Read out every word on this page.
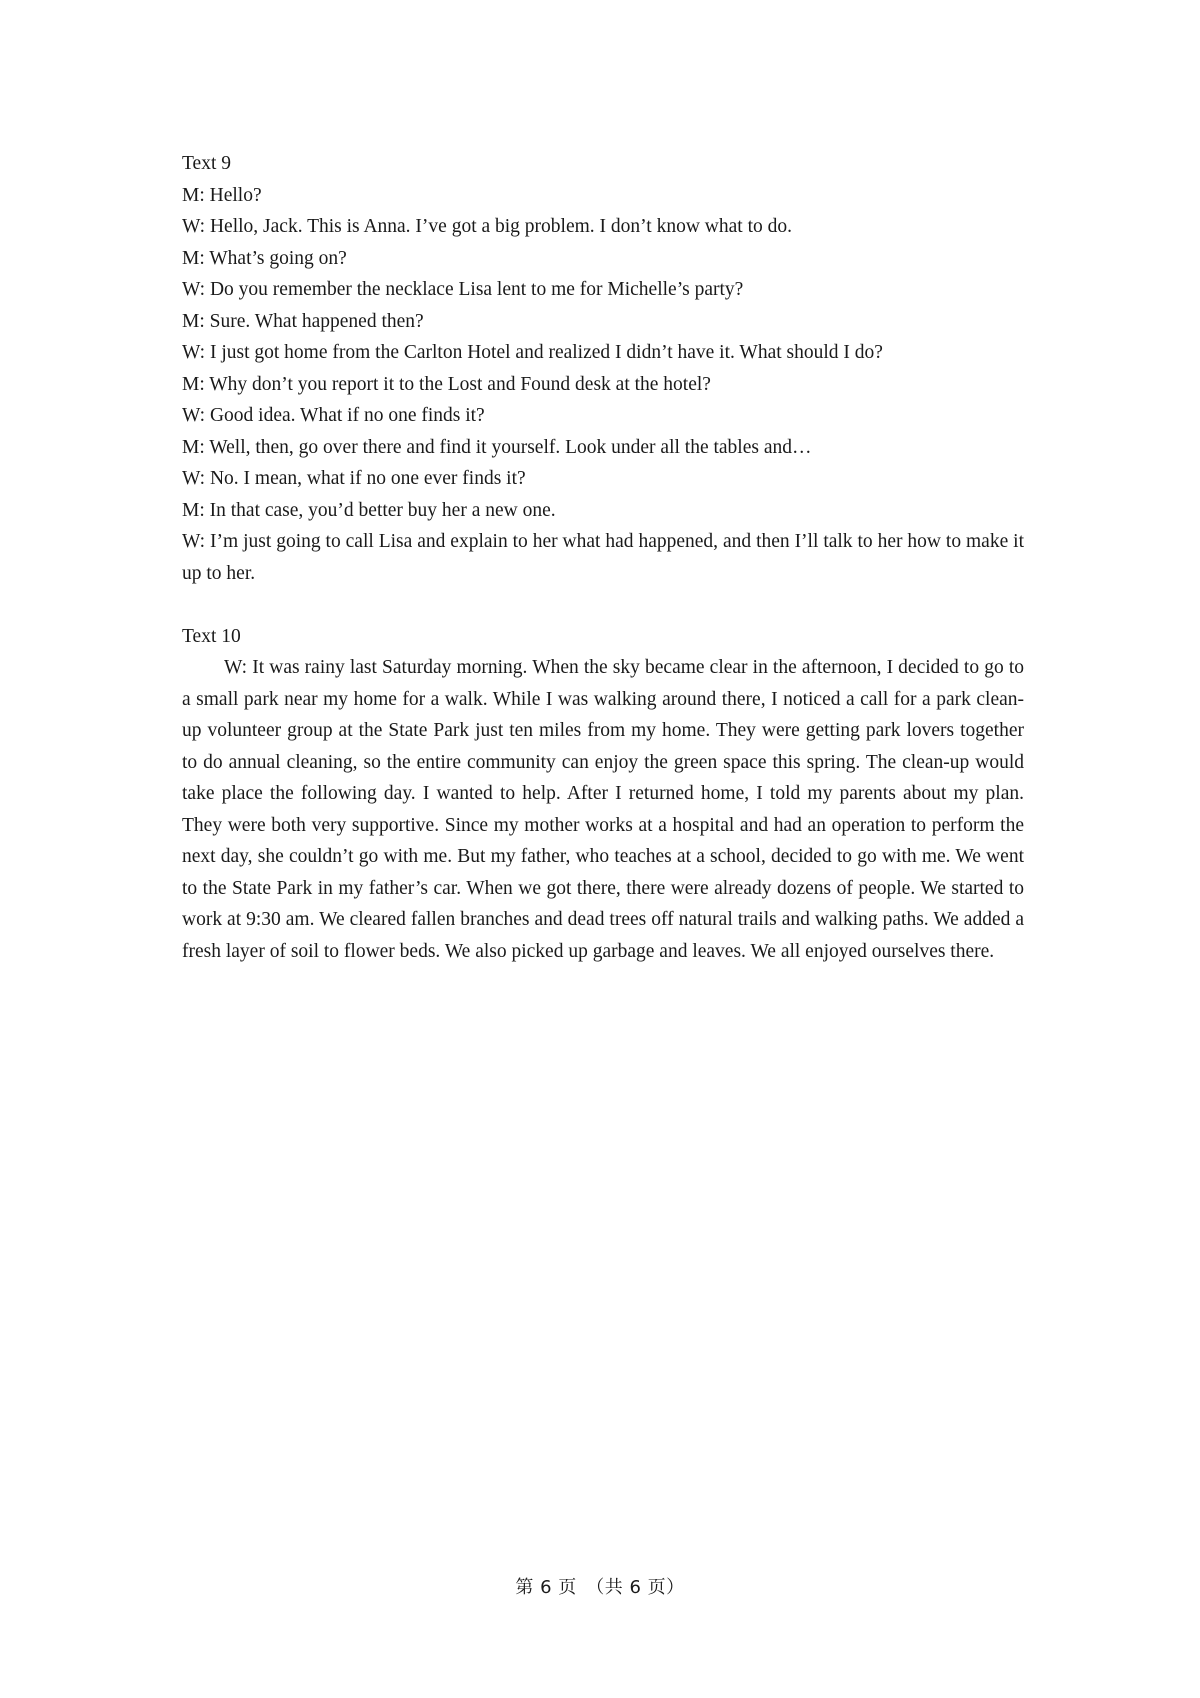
Text 9

M: Hello?

W: Hello, Jack. This is Anna. I’ve got a big problem. I don’t know what to do.

M: What’s going on?

W: Do you remember the necklace Lisa lent to me for Michelle’s party?

M: Sure. What happened then?

W: I just got home from the Carlton Hotel and realized I didn’t have it. What should I do?

M: Why don’t you report it to the Lost and Found desk at the hotel?

W: Good idea. What if no one finds it?

M: Well, then, go over there and find it yourself. Look under all the tables and…

W: No. I mean, what if no one ever finds it?

M: In that case, you’d better buy her a new one.

W: I’m just going to call Lisa and explain to her what had happened, and then I’ll talk to her how to make it up to her.

Text 10

W: It was rainy last Saturday morning. When the sky became clear in the afternoon, I decided to go to a small park near my home for a walk. While I was walking around there, I noticed a call for a park clean-up volunteer group at the State Park just ten miles from my home. They were getting park lovers together to do annual cleaning, so the entire community can enjoy the green space this spring. The clean-up would take place the following day. I wanted to help. After I returned home, I told my parents about my plan. They were both very supportive. Since my mother works at a hospital and had an operation to perform the next day, she couldn’t go with me. But my father, who teaches at a school, decided to go with me. We went to the State Park in my father’s car. When we got there, there were already dozens of people. We started to work at 9:30 am. We cleared fallen branches and dead trees off natural trails and walking paths. We added a fresh layer of soil to flower beds. We also picked up garbage and leaves. We all enjoyed ourselves there.

第 6 页　（共 6 页）
